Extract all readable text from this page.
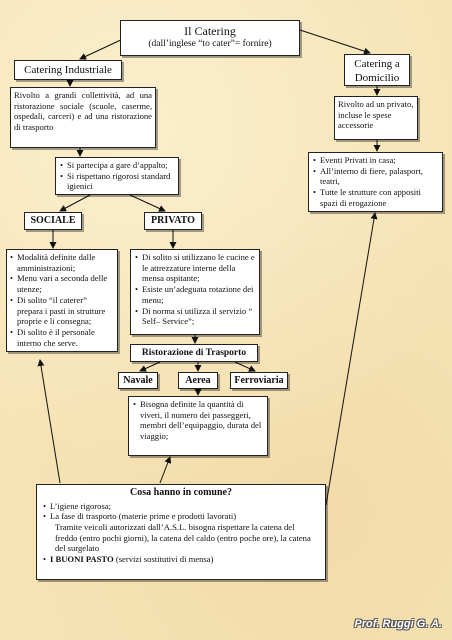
Il Catering
(dall’inglese “to cater”= fornire)
Catering Industriale	Catering a
Domicilio

Rivolto a grandi collettività, ad una ristorazione sociale (scuole, caserme, ospedali, carceri) e ad una ristorazione di trasporto

• Si partecipa a gare d’appalto;
• Si rispettano rigorosi standard igienici

Rivolto ad un privato, incluse le spese accessorie

• Eventi Privati in casa;
• All’interno di fiere, palasport, teatri,
• Tutte le strutture con appositi spazi di erogazione
SOCIALE	PRIVATO
• Modalità definite dalle amministrazioni;
• Menu vari a seconda delle utenze;
• Di solito “il caterer” prepara i pasti in strutture proprie e li consegna;
• Di solito è il personale interno che serve.
• Di solito si utilizzano le cucine e le attrezzature interne della mensa ospitante;
• Esiste un’adeguata rotazione dei menu;
• Di norma si utilizza il servizio “ Self– Service”;
Ristorazione di Trasporto
Navale	Aerea	Ferroviaria
• Bisogna definite la quantità di viveri, il numero dei passeggeri, membri dell’equipaggio, durata del viaggio;
Cosa hanno in comune?
• L’igiene rigorosa;
• La fase di trasporto (materie prime e prodotti lavorati)

Tramite veicoli autorizzati dall’A.S.L. bisogna rispettare la catena del freddo (entro pochi giorni), la catena del caldo (entro poche ore), la catena del surgelato

• I BUONI PASTO (servizi sostitutivi di mensa)
Prof. Ruggi G. A.
